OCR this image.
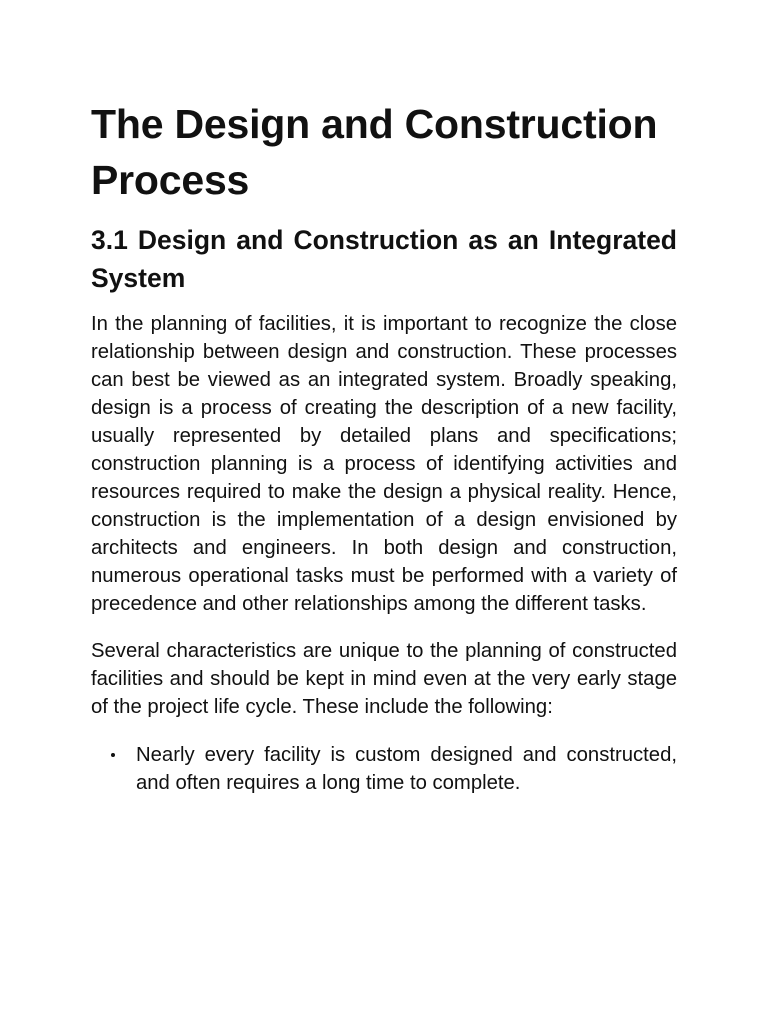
The Design and Construction Process
3.1 Design and Construction as an Integrated System

In the planning of facilities, it is important to recognize the close relationship between design and construction. These processes can best be viewed as an integrated system. Broadly speaking, design is a process of creating the description of a new facility, usually represented by detailed plans and specifications; construction planning is a process of identifying activities and resources required to make the design a physical reality. Hence, construction is the implementation of a design envisioned by architects and engineers. In both design and construction, numerous operational tasks must be performed with a variety of precedence and other relationships among the different tasks.

Several characteristics are unique to the planning of constructed facilities and should be kept in mind even at the very early stage of the project life cycle. These include the following:

Nearly every facility is custom designed and constructed, and often requires a long time to complete.
